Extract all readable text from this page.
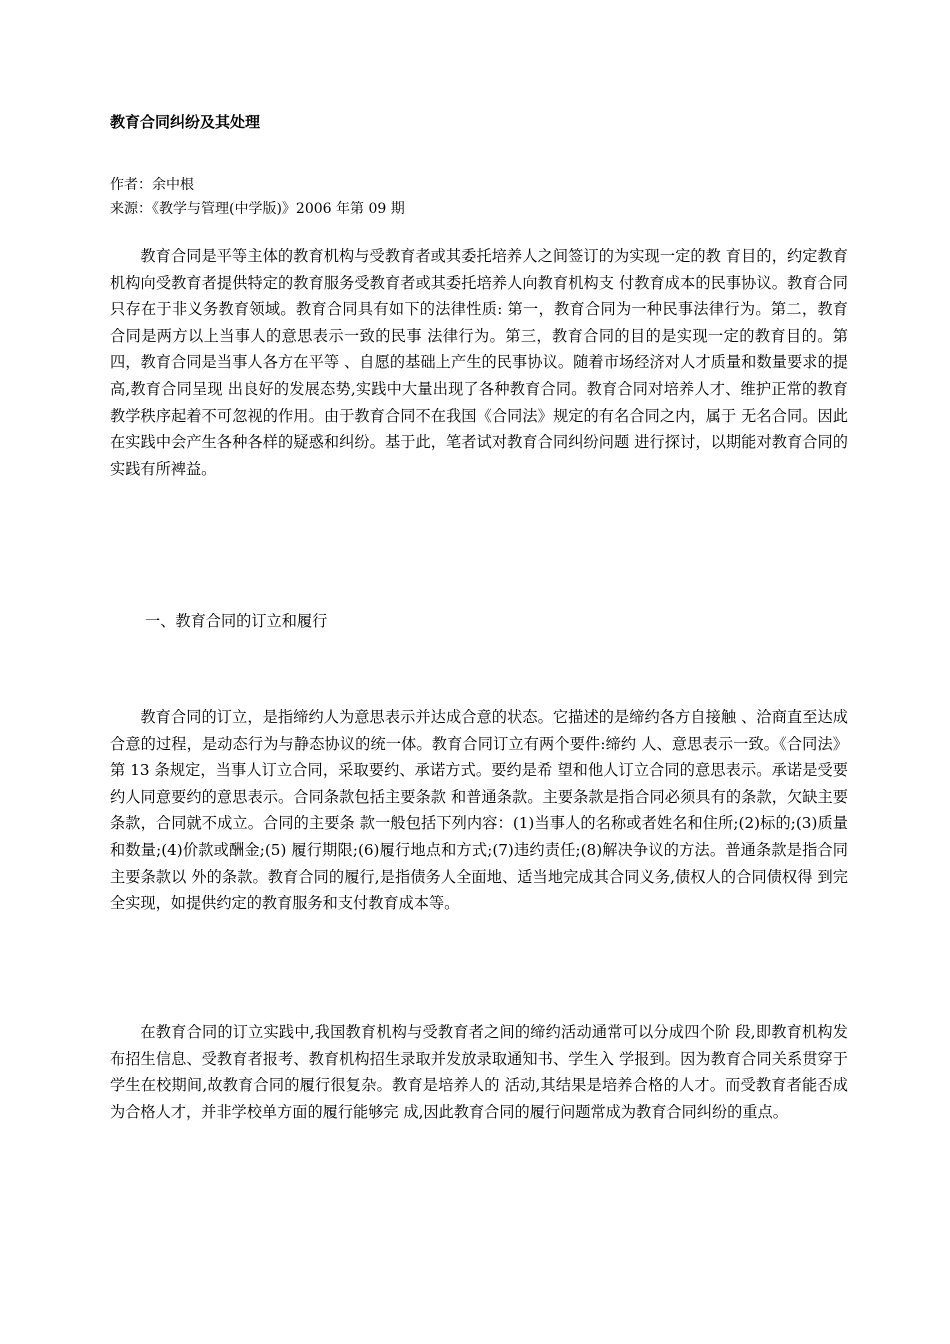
教育合同纠纷及其处理

作者：余中根

来源：《教学与管理(中学版)》2006 年第 09 期

教育合同是平等主体的教育机构与受教育者或其委托培养人之间签订的为实现一定的教 育目的，约定教育机构向受教育者提供特定的教育服务受教育者或其委托培养人向教育机构支 付教育成本的民事协议。教育合同只存在于非义务教育领域。教育合同具有如下的法律性质: 第一，教育合同为一种民事法律行为。第二，教育合同是两方以上当事人的意思表示一致的民事 法律行为。第三，教育合同的目的是实现一定的教育目的。第四，教育合同是当事人各方在平等 、自愿的基础上产生的民事协议。随着市场经济对人才质量和数量要求的提高,教育合同呈现 出良好的发展态势,实践中大量出现了各种教育合同。教育合同对培养人才、维护正常的教育 教学秩序起着不可忽视的作用。由于教育合同不在我国《合同法》规定的有名合同之内，属于 无名合同。因此在实践中会产生各种各样的疑惑和纠纷。基于此，笔者试对教育合同纠纷问题 进行探讨，以期能对教育合同的实践有所裨益。

一、教育合同的订立和履行

教育合同的订立，是指缔约人为意思表示并达成合意的状态。它描述的是缔约各方自接触 、洽商直至达成合意的过程，是动态行为与静态协议的统一体。教育合同订立有两个要件:缔约 人、意思表示一致。《合同法》第 13 条规定，当事人订立合同，采取要约、承诺方式。要约是希 望和他人订立合同的意思表示。承诺是受要约人同意要约的意思表示。合同条款包括主要条款 和普通条款。主要条款是指合同必须具有的条款，欠缺主要条款，合同就不成立。合同的主要条 款一般包括下列内容：(1)当事人的名称或者姓名和住所;(2)标的;(3)质量和数量;(4)价款或酬金;(5) 履行期限;(6)履行地点和方式;(7)违约责任;(8)解决争议的方法。普通条款是指合同主要条款以 外的条款。教育合同的履行,是指债务人全面地、适当地完成其合同义务,债权人的合同债权得 到完全实现，如提供约定的教育服务和支付教育成本等。

在教育合同的订立实践中,我国教育机构与受教育者之间的缔约活动通常可以分成四个阶 段,即教育机构发布招生信息、受教育者报考、教育机构招生录取并发放录取通知书、学生入 学报到。因为教育合同关系贯穿于学生在校期间,故教育合同的履行很复杂。教育是培养人的 活动,其结果是培养合格的人才。而受教育者能否成为合格人才，并非学校单方面的履行能够完 成,因此教育合同的履行问题常成为教育合同纠纷的重点。
